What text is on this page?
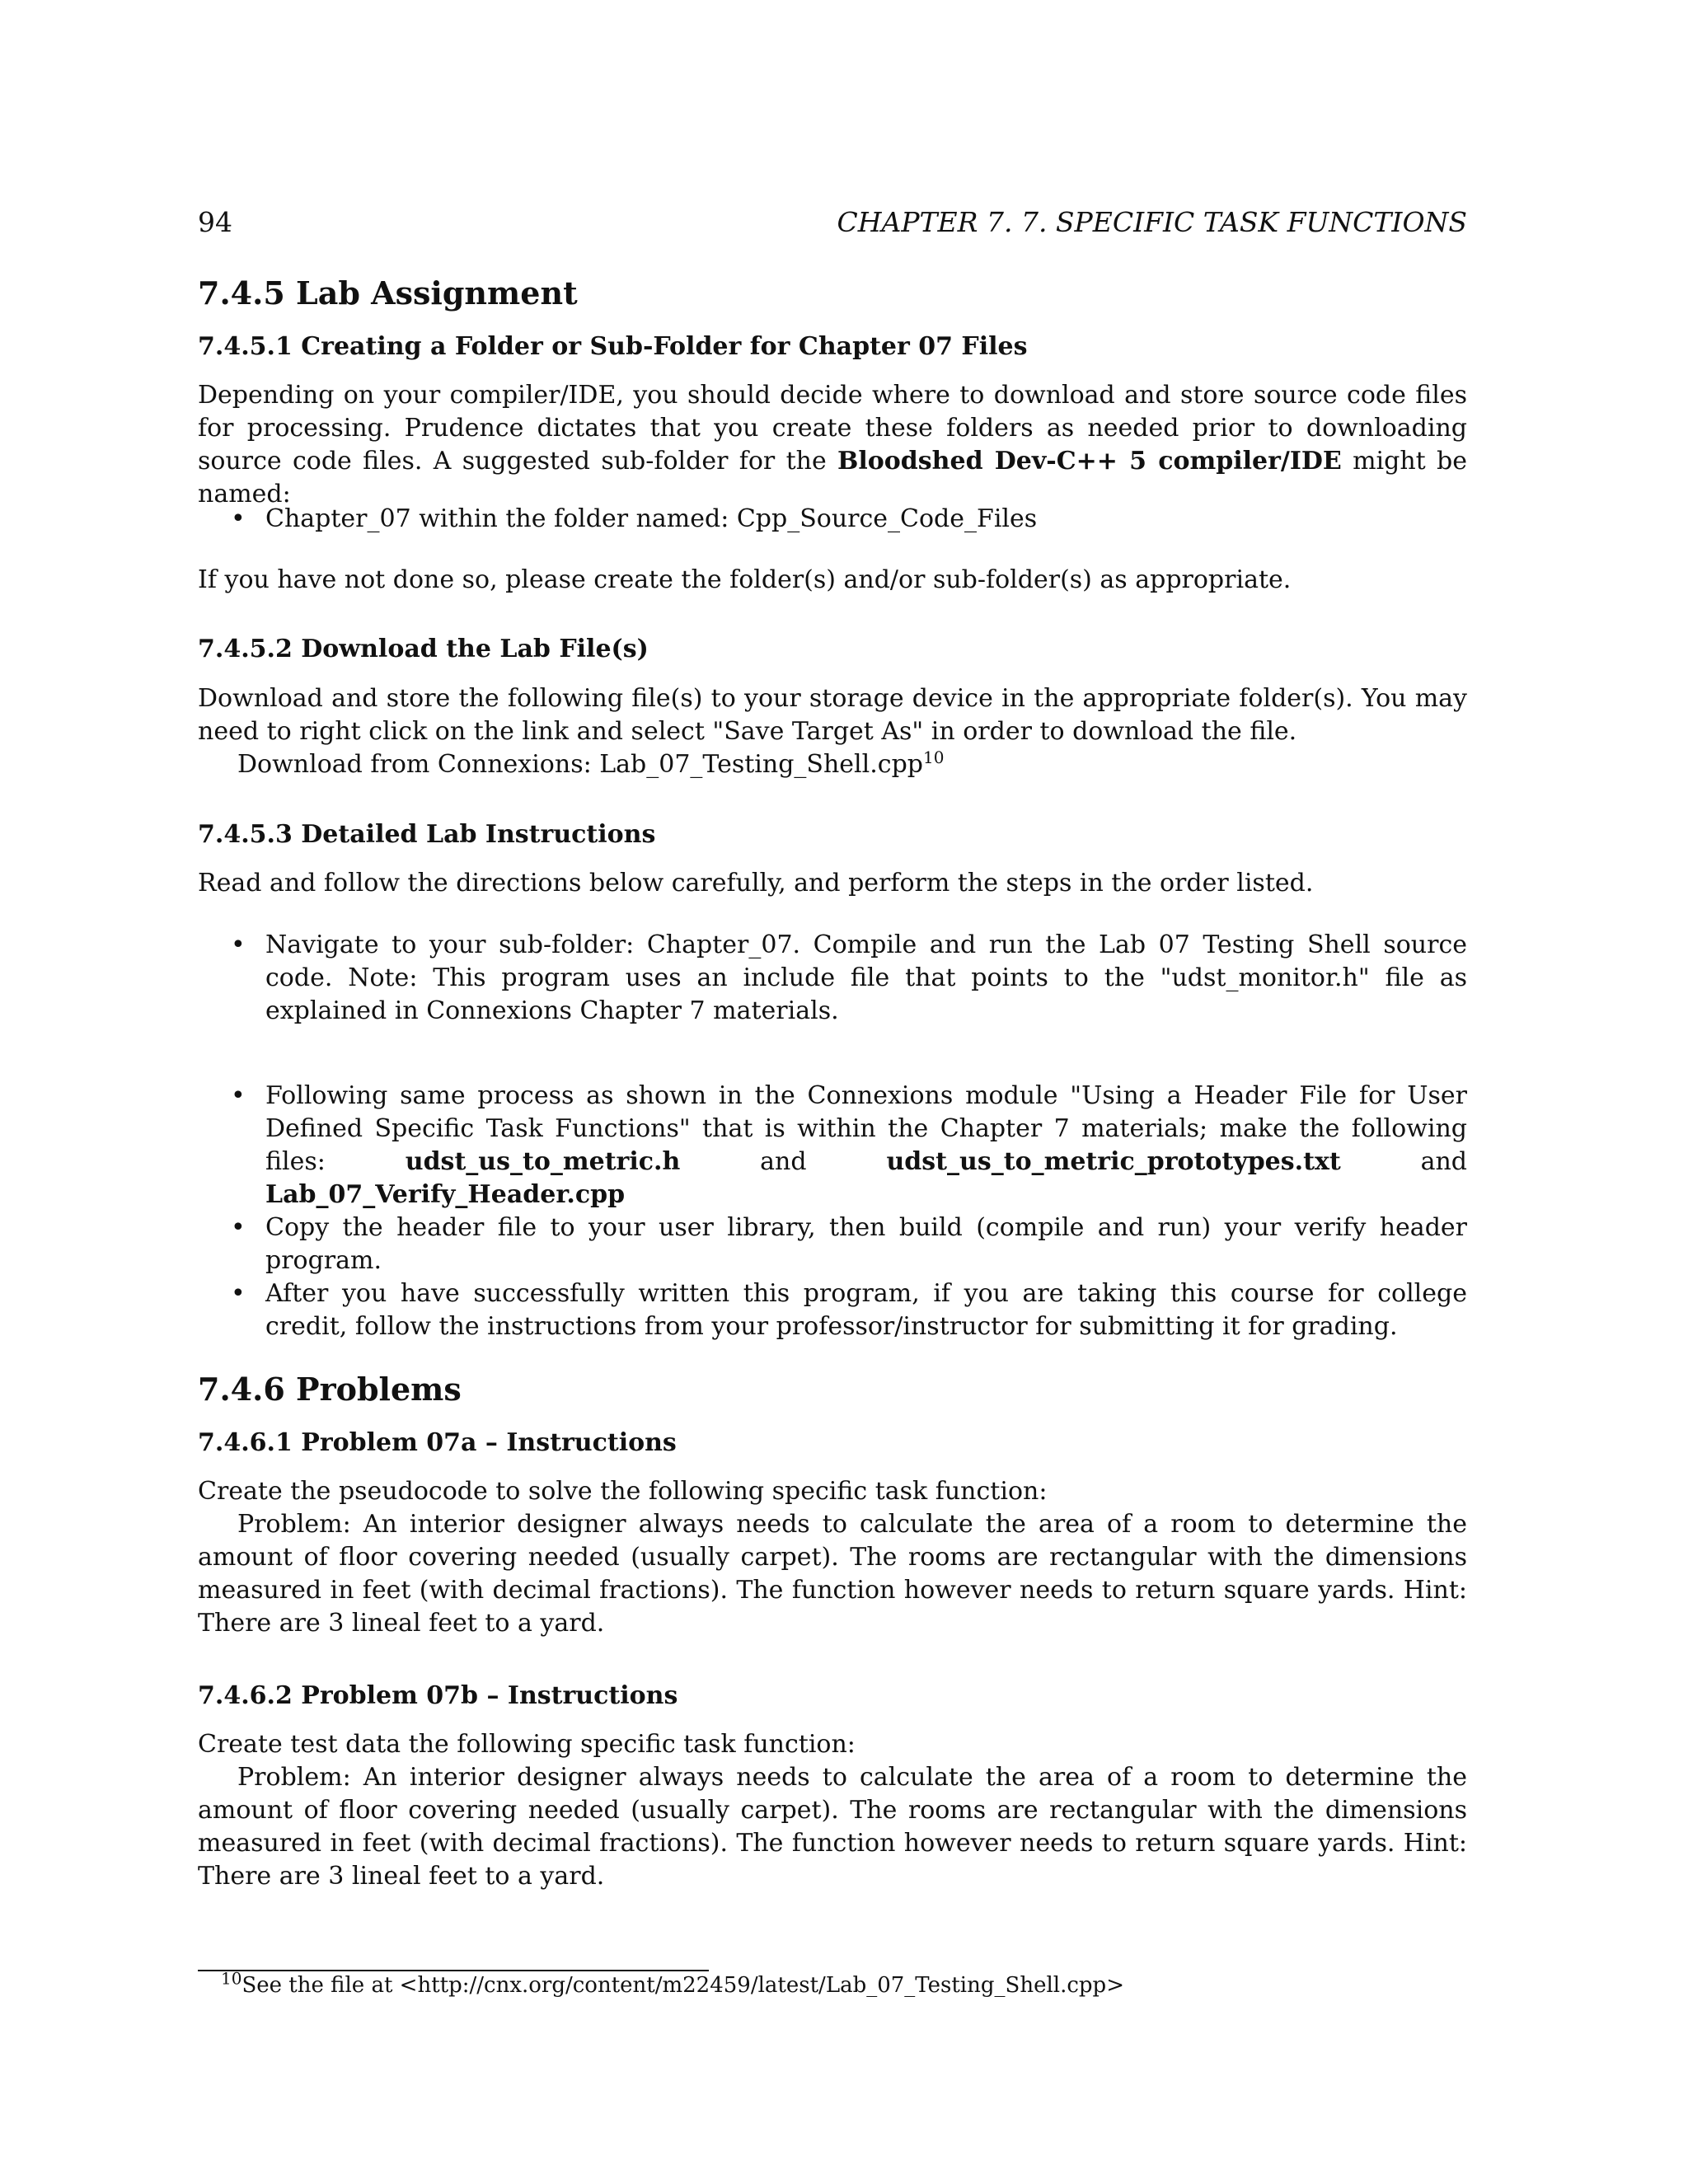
94	CHAPTER 7. 7. SPECIFIC TASK FUNCTIONS
7.4.5 Lab Assignment
7.4.5.1 Creating a Folder or Sub-Folder for Chapter 07 Files
Depending on your compiler/IDE, you should decide where to download and store source code files for processing. Prudence dictates that you create these folders as needed prior to downloading source code files. A suggested sub-folder for the Bloodshed Dev-C++ 5 compiler/IDE might be named:
• Chapter_07 within the folder named: Cpp_Source_Code_Files
If you have not done so, please create the folder(s) and/or sub-folder(s) as appropriate.
7.4.5.2 Download the Lab File(s)
Download and store the following file(s) to your storage device in the appropriate folder(s). You may need to right click on the link and select "Save Target As" in order to download the file.
Download from Connexions: Lab_07_Testing_Shell.cpp$^{10}$
7.4.5.3 Detailed Lab Instructions
Read and follow the directions below carefully, and perform the steps in the order listed.
• Navigate to your sub-folder: Chapter_07. Compile and run the Lab 07 Testing Shell source code. Note: This program uses an include file that points to the "udst_monitor.h" file as explained in Connexions Chapter 7 materials.
• Following same process as shown in the Connexions module "Using a Header File for User Defined Specific Task Functions" that is within the Chapter 7 materials; make the following files: udst_us_to_metric.h and udst_us_to_metric_prototypes.txt and Lab_07_Verify_Header.cpp
• Copy the header file to your user library, then build (compile and run) your verify header program.
• After you have successfully written this program, if you are taking this course for college credit, follow the instructions from your professor/instructor for submitting it for grading.
7.4.6 Problems
7.4.6.1 Problem 07a – Instructions
Create the pseudocode to solve the following specific task function:
Problem: An interior designer always needs to calculate the area of a room to determine the amount of floor covering needed (usually carpet). The rooms are rectangular with the dimensions measured in feet (with decimal fractions). The function however needs to return square yards. Hint: There are 3 lineal feet to a yard.
7.4.6.2 Problem 07b – Instructions
Create test data the following specific task function:
Problem: An interior designer always needs to calculate the area of a room to determine the amount of floor covering needed (usually carpet). The rooms are rectangular with the dimensions measured in feet (with decimal fractions). The function however needs to return square yards. Hint: There are 3 lineal feet to a yard.
$^{10}$See the file at <http://cnx.org/content/m22459/latest/Lab_07_Testing_Shell.cpp>
